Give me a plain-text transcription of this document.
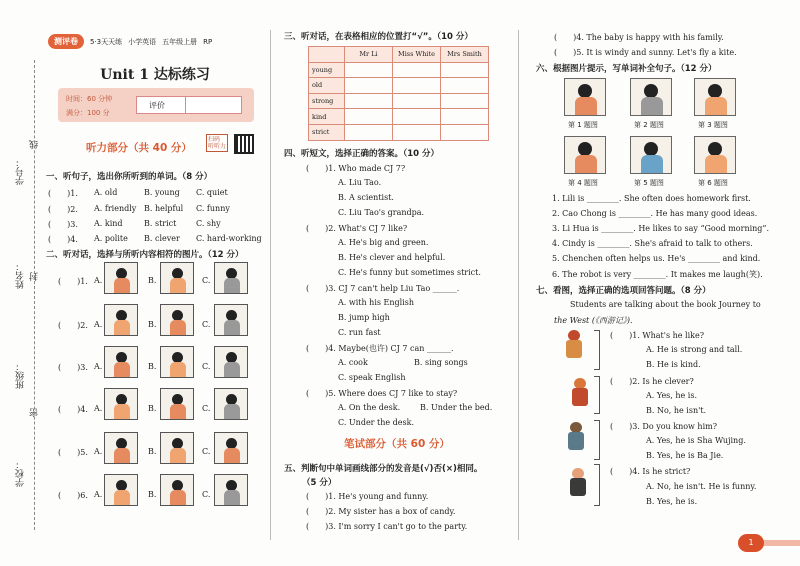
学号：
姓名：
班级：
学校：
线
封
密
测评卷	5·3天天练 小学英语 五年级上册 RP
Unit 1 达标练习
时间：60 分钟
满分：100 分
评价
听力部分（共 40 分）
扫码
听听力
一、听句子，选出你所听到的单词。（8 分）
(　　)1. A. old	B. young C. quiet
(　　)2. A. friendly B. helpful C. funny
(　　)3. A. kind	B. strict C. shy
(　　)4. A. polite B. clever C. hard-working
二、听对话，选择与所听内容相符的图片。（12 分）
(　　)1. A.	B.	C.
(　　)2. A.	B.	C.
(　　)3. A.	B.	C.
(　　)4. A.	B.	C.
(　　)5. A.	B.	C.
(　　)6. A.	B.	C.
三、听对话，在表格相应的位置打“√”。（10 分）
	Mr Li	Miss White	Mrs Smith
young			
old			
strong			
kind			
strict			
四、听短文，选择正确的答案。（10 分）
(　　)1. Who made CJ 7?
A. Liu Tao.
B. A scientist.
C. Liu Tao's grandpa.
(　　)2. What's CJ 7 like?
A. He's big and green.
B. He's clever and helpful.
C. He's funny but sometimes strict.
(　　)3. CJ 7 can't help Liu Tao ______.
A. with his English
B. jump high
C. run fast
(　　)4. Maybe(也许) CJ 7 can ______.
A. cook	B. sing songs
C. speak English
(　　)5. Where does CJ 7 like to stay?
A. On the desk. B. Under the bed.
C. Under the desk.
笔试部分（共 60 分）
五、判断句中单词画线部分的发音是(√)否(×)相同。
（5 分）
(　　)1. He's young and funny.
(　　)2. My sister has a box of candy.
(　　)3. I'm sorry I can't go to the party.
(　　)4. The baby is happy with his family.
(　　)5. It is windy and sunny. Let's fly a kite.
六、根据图片提示，写单词补全句子。（12 分）
第 1 题图	第 2 题图	第 3 题图
第 4 题图	第 5 题图	第 6 题图
1. Lili is ________. She often does homework first.
2. Cao Chong is ________. He has many good ideas.
3. Li Hua is ________. He likes to say “Good morning”.
4. Cindy is ________. She's afraid to talk to others.
5. Chenchen often helps us. He's ________ and kind.
6. The robot is very ________. It makes me laugh(笑).
七、看图，选择正确的选项回答问题。（8 分）
Students are talking about the book Journey to
the West (《西游记》).
(　　)1. What's he like?
A. He is strong and tall.
B. He is kind.
(　　)2. Is he clever?
A. Yes, he is.
B. No, he isn't.
(　　)3. Do you know him?
A. Yes, he is Sha Wujing.
B. Yes, he is Ba Jie.
(　　)4. Is he strict?
A. No, he isn't. He is funny.
B. Yes, he is.
1
